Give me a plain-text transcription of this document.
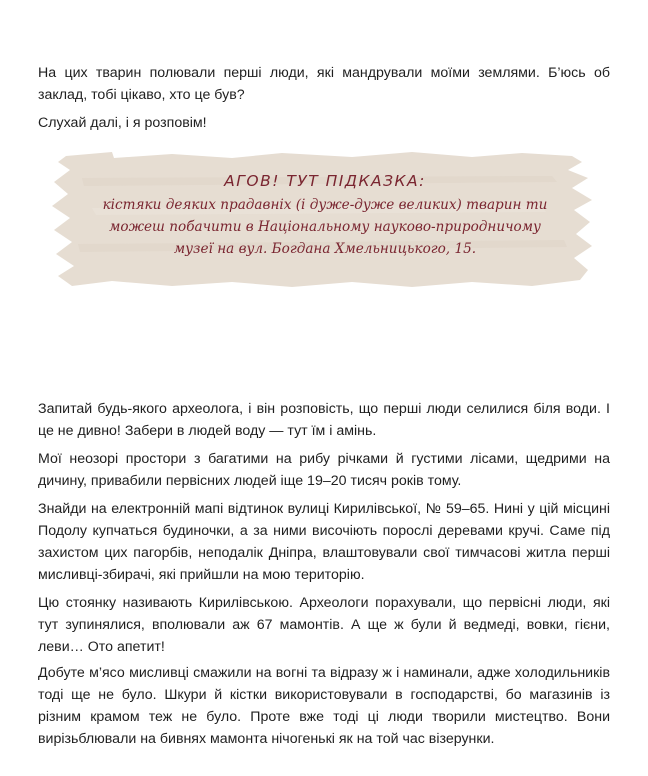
На цих тварин полювали перші люди, які мандрували моїми землями. Б’юсь об заклад, тобі цікаво, хто це був?

Слухай далі, і я розповім!

АГОВ! ТУТ ПІДКАЗКА:

кістяки деяких прадавніх (і дуже-дуже великих) тварин ти можеш побачити в Національному науково-природничому музеї на вул. Богдана Хмельницького, 15.

Запитай будь-якого археолога, і він розповість, що перші люди селилися біля води. І це не дивно! Забери в людей воду — тут їм і амінь.

Мої неозорі простори з багатими на рибу річками й густими лісами, щедрими на дичину, привабили первісних людей іще 19–20 тисяч років тому.

Знайди на електронній мапі відтинок вулиці Кирилівської, № 59–65. Нині у цій місцині Подолу купчаться будиночки, а за ними височіють порослі деревами кручі. Саме під захистом цих пагорбів, неподалік Дніпра, влаштовували свої тимчасові житла перші мисливці-збирачі, які прийшли на мою територію.

Цю стоянку називають Кирилівською. Археологи порахували, що первісні люди, які тут зупинялися, вполювали аж 67 мамонтів. А ще ж були й ведмеді, вовки, гієни, леви… Ото апетит!

Добуте м’ясо мисливці смажили на вогні та відразу ж і наминали, адже холодильників тоді ще не було. Шкури й кістки використовували в господарстві, бо магазинів із різним крамом теж не було. Проте вже тоді ці люди творили мистецтво. Вони вирізьблювали на бивнях мамонта нічогенькі як на той час візерунки.
